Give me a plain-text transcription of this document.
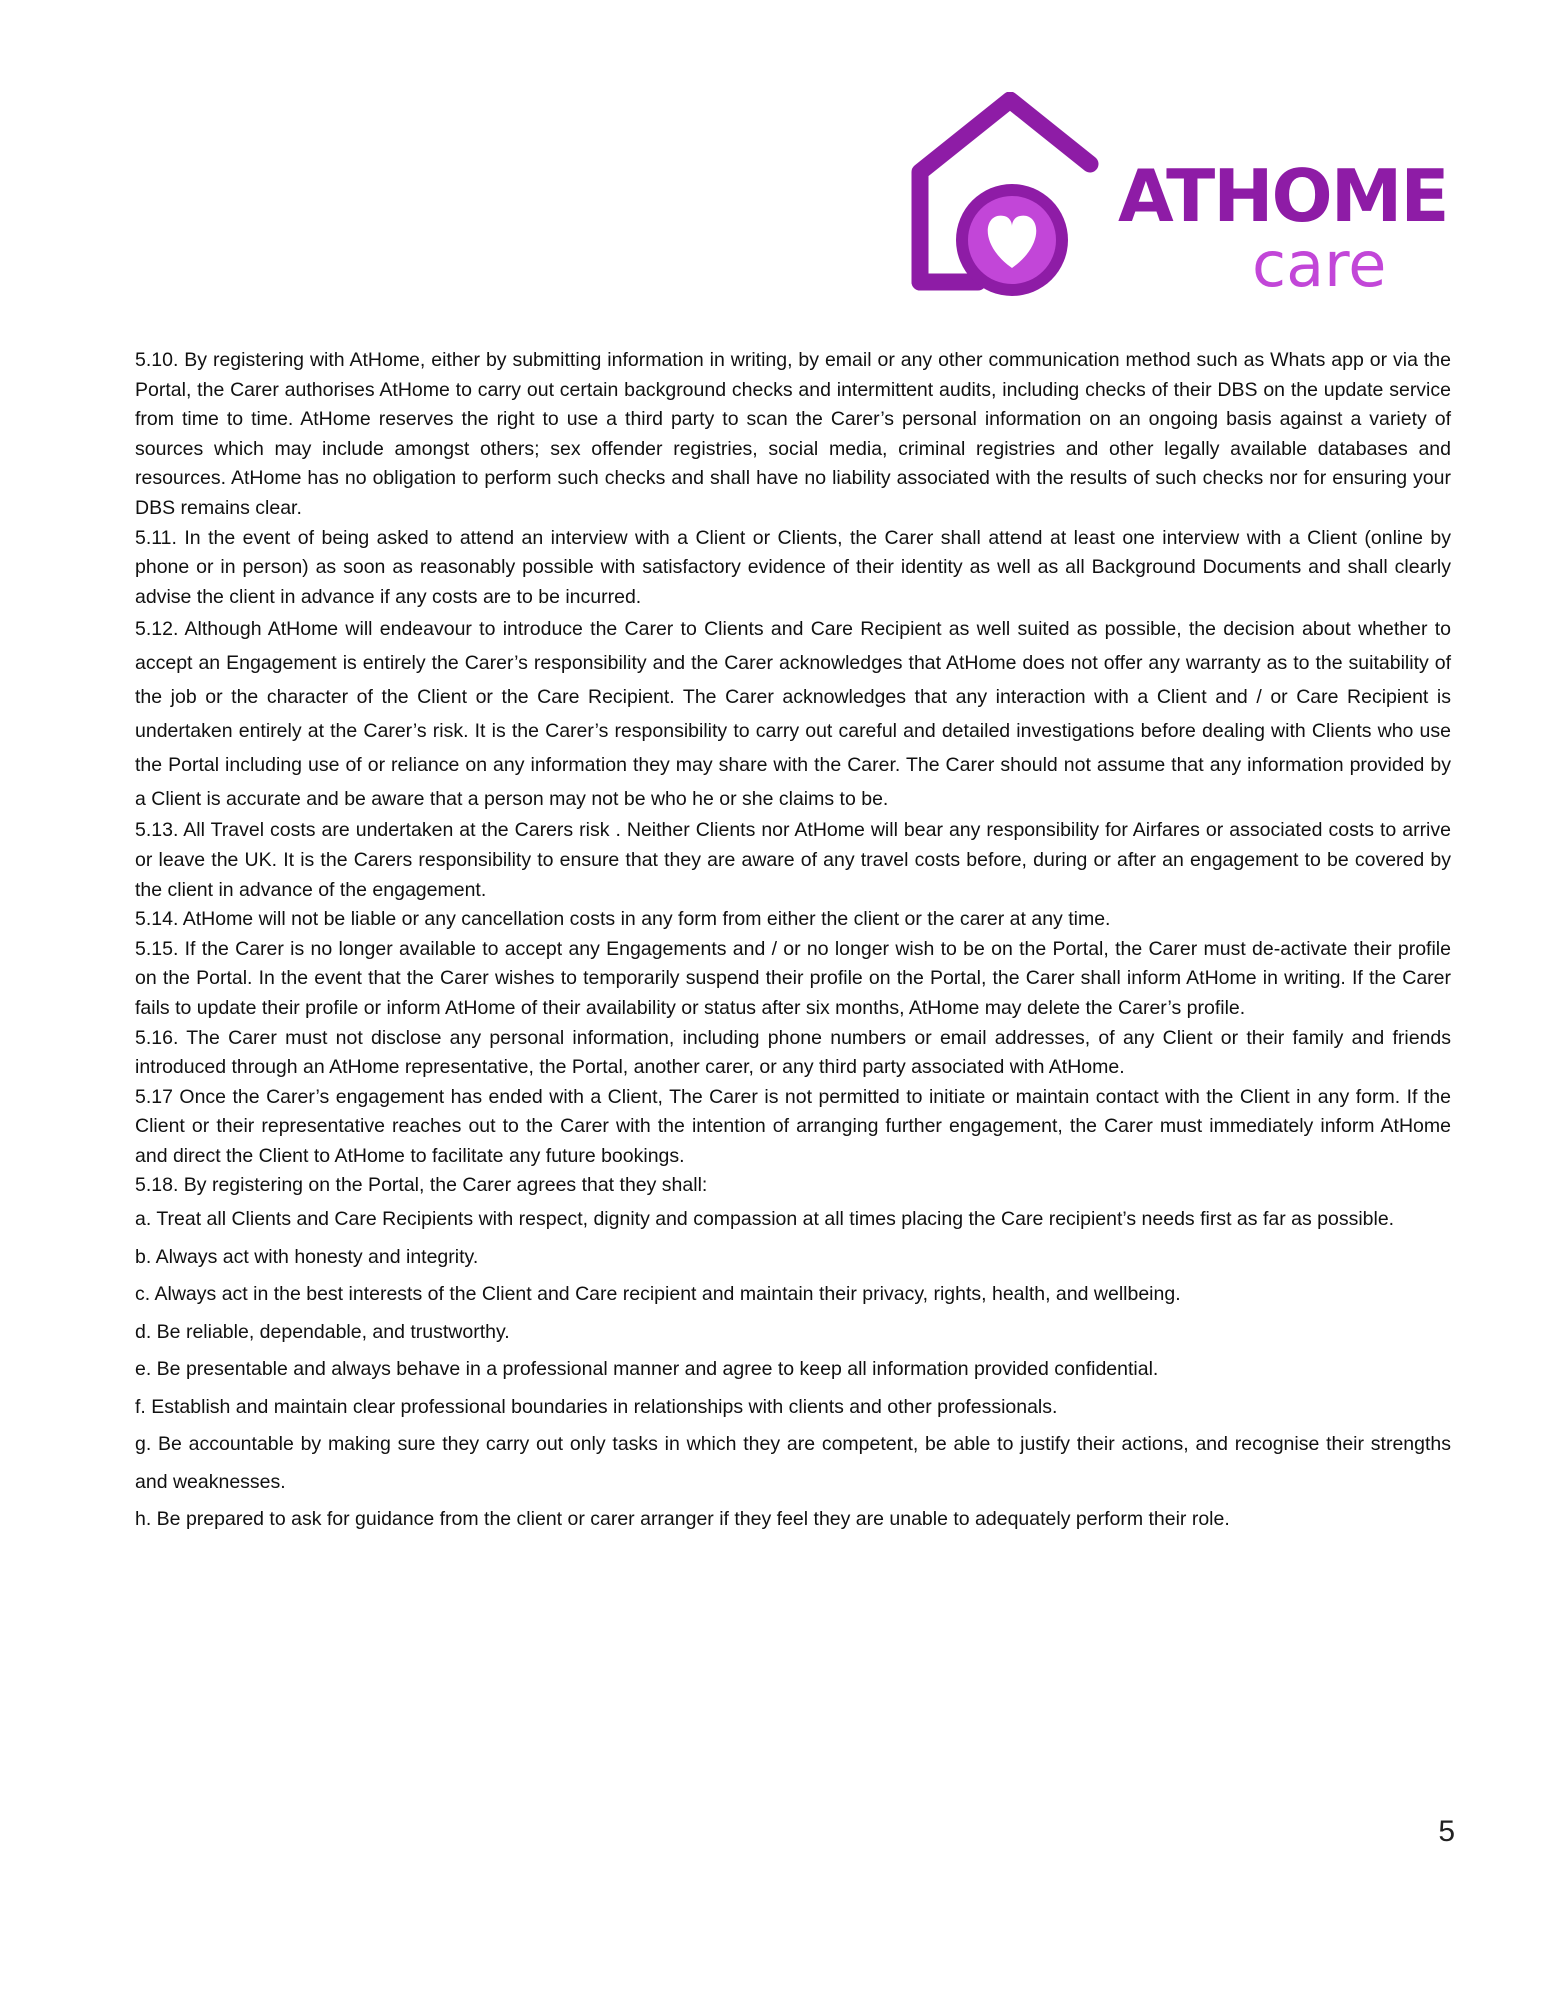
ATHOME
care

5.10. By registering with AtHome, either by submitting information in writing, by email or any other communication method such as Whats app or via the Portal, the Carer authorises AtHome to carry out certain background checks and intermittent audits, including checks of their DBS on the update service from time to time. AtHome reserves the right to use a third party to scan the Carer’s personal information on an ongoing basis against a variety of sources which may include amongst others; sex offender registries, social media, criminal registries and other legally available databases and resources. AtHome has no obligation to perform such checks and shall have no liability associated with the results of such checks nor for ensuring your DBS remains clear.

5.11. In the event of being asked to attend an interview with a Client or Clients, the Carer shall attend at least one interview with a Client (online by phone or in person) as soon as reasonably possible with satisfactory evidence of their identity as well as all Background Documents and shall clearly advise the client in advance if any costs are to be incurred.

5.12. Although AtHome will endeavour to introduce the Carer to Clients and Care Recipient as well suited as possible, the decision about whether to accept an Engagement is entirely the Carer’s responsibility and the Carer acknowledges that AtHome does not offer any warranty as to the suitability of the job or the character of the Client or the Care Recipient. The Carer acknowledges that any interaction with a Client and / or Care Recipient is undertaken entirely at the Carer’s risk. It is the Carer’s responsibility to carry out careful and detailed investigations before dealing with Clients who use the Portal including use of or reliance on any information they may share with the Carer. The Carer should not assume that any information provided by a Client is accurate and be aware that a person may not be who he or she claims to be.

5.13. All Travel costs are undertaken at the Carers risk . Neither Clients nor AtHome will bear any responsibility for Airfares or associated costs to arrive or leave the UK. It is the Carers responsibility to ensure that they are aware of any travel costs before, during or after an engagement to be covered by the client in advance of the engagement.

5.14. AtHome will not be liable or any cancellation costs in any form from either the client or the carer at any time.

5.15. If the Carer is no longer available to accept any Engagements and / or no longer wish to be on the Portal, the Carer must de-activate their profile on the Portal. In the event that the Carer wishes to temporarily suspend their profile on the Portal, the Carer shall inform AtHome in writing. If the Carer fails to update their profile or inform AtHome of their availability or status after six months, AtHome may delete the Carer’s profile.

5.16. The Carer must not disclose any personal information, including phone numbers or email addresses, of any Client or their family and friends introduced through an AtHome representative, the Portal, another carer, or any third party associated with AtHome.

5.17 Once the Carer’s engagement has ended with a Client, The Carer is not permitted to initiate or maintain contact with the Client in any form. If the Client or their representative reaches out to the Carer with the intention of arranging further engagement, the Carer must immediately inform AtHome and direct the Client to AtHome to facilitate any future bookings.

5.18. By registering on the Portal, the Carer agrees that they shall:

a. Treat all Clients and Care Recipients with respect, dignity and compassion at all times placing the Care recipient’s needs first as far as possible.

b. Always act with honesty and integrity.

c. Always act in the best interests of the Client and Care recipient and maintain their privacy, rights, health, and wellbeing.

d. Be reliable, dependable, and trustworthy.

e. Be presentable and always behave in a professional manner and agree to keep all information provided confidential.

f. Establish and maintain clear professional boundaries in relationships with clients and other professionals.

g. Be accountable by making sure they carry out only tasks in which they are competent, be able to justify their actions, and recognise their strengths and weaknesses.

h. Be prepared to ask for guidance from the client or carer arranger if they feel they are unable to adequately perform their role.

5
